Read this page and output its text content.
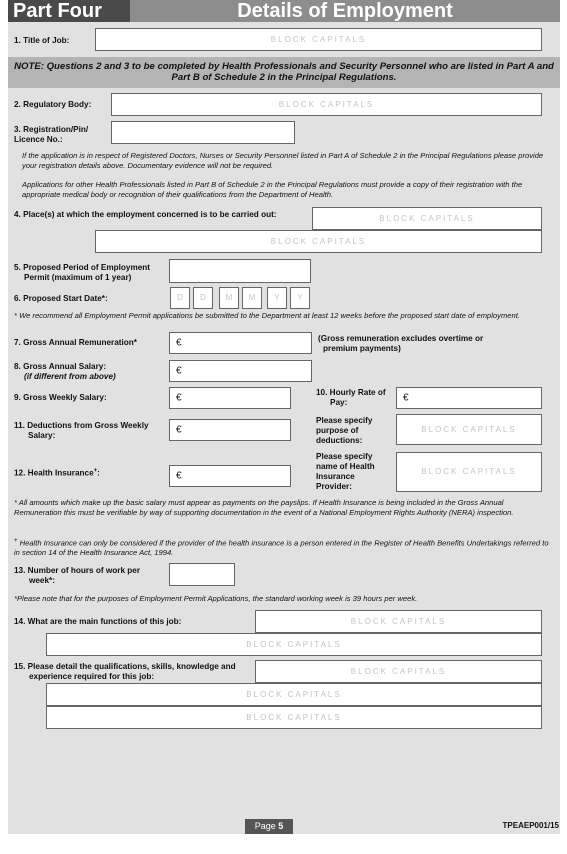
Part Four	Details of Employment
1. Title of Job:	BLOCK CAPITALS
NOTE: Questions 2 and 3 to be completed by Health Professionals and Security Personnel who are listed in Part A and Part B of Schedule 2 in the Principal Regulations.
2. Regulatory Body:	BLOCK CAPITALS
3. Registration/Pin/
Licence No.:
If the application is in respect of Registered Doctors, Nurses or Security Personnel listed in Part A of Schedule 2 in the Principal Regulations please provide your registration details above. Documentary evidence will not be required.
Applications for other Health Professionals listed in Part B of Schedule 2 in the Principal Regulations must provide a copy of their registration with the appropriate medical body or recognition of their qualifications from the Department of Health.
4. Place(s) at which the employment concerned is to be carried out:	BLOCK CAPITALS
BLOCK CAPITALS
5. Proposed Period of Employment
Permit (maximum of 1 year)
6. Proposed Start Date*:	D	D	M	M	Y	Y
* We recommend all Employment Permit applications be submitted to the Department at least 12 weeks before the proposed start date of employment.
7. Gross Annual Remuneration*	€	(Gross remuneration excludes overtime or
premium payments)
8. Gross Annual Salary:
(if different from above)	€
9. Gross Weekly Salary:	€	10. Hourly Rate of
Pay:	€
11. Deductions from Gross Weekly
Salary:	€
Please specify
purpose of
deductions:
BLOCK CAPITALS
12. Health Insurance+:	€
Please specify
name of Health
Insurance
Provider:
BLOCK CAPITALS
* All amounts which make up the basic salary must appear as payments on the payslips. If Health Insurance is being included in the Gross Annual Remuneration this must be verifiable by way of supporting documentation in the event of a National Employment Rights Authority (NERA) inspection.
+ Health Insurance can only be considered if the provider of the health insurance is a person entered in the Register of Health Benefits Undertakings referred to in section 14 of the Health Insurance Act, 1994.
13. Number of hours of work per
week*:
*Please note that for the purposes of Employment Permit Applications, the standard working week is 39 hours per week.
14. What are the main functions of this job:	BLOCK CAPITALS
BLOCK CAPITALS
15. Please detail the qualifications, skills, knowledge and
experience required for this job:
BLOCK CAPITALS
BLOCK CAPITALS
BLOCK CAPITALS
Page 5	TPEAEP001/15
